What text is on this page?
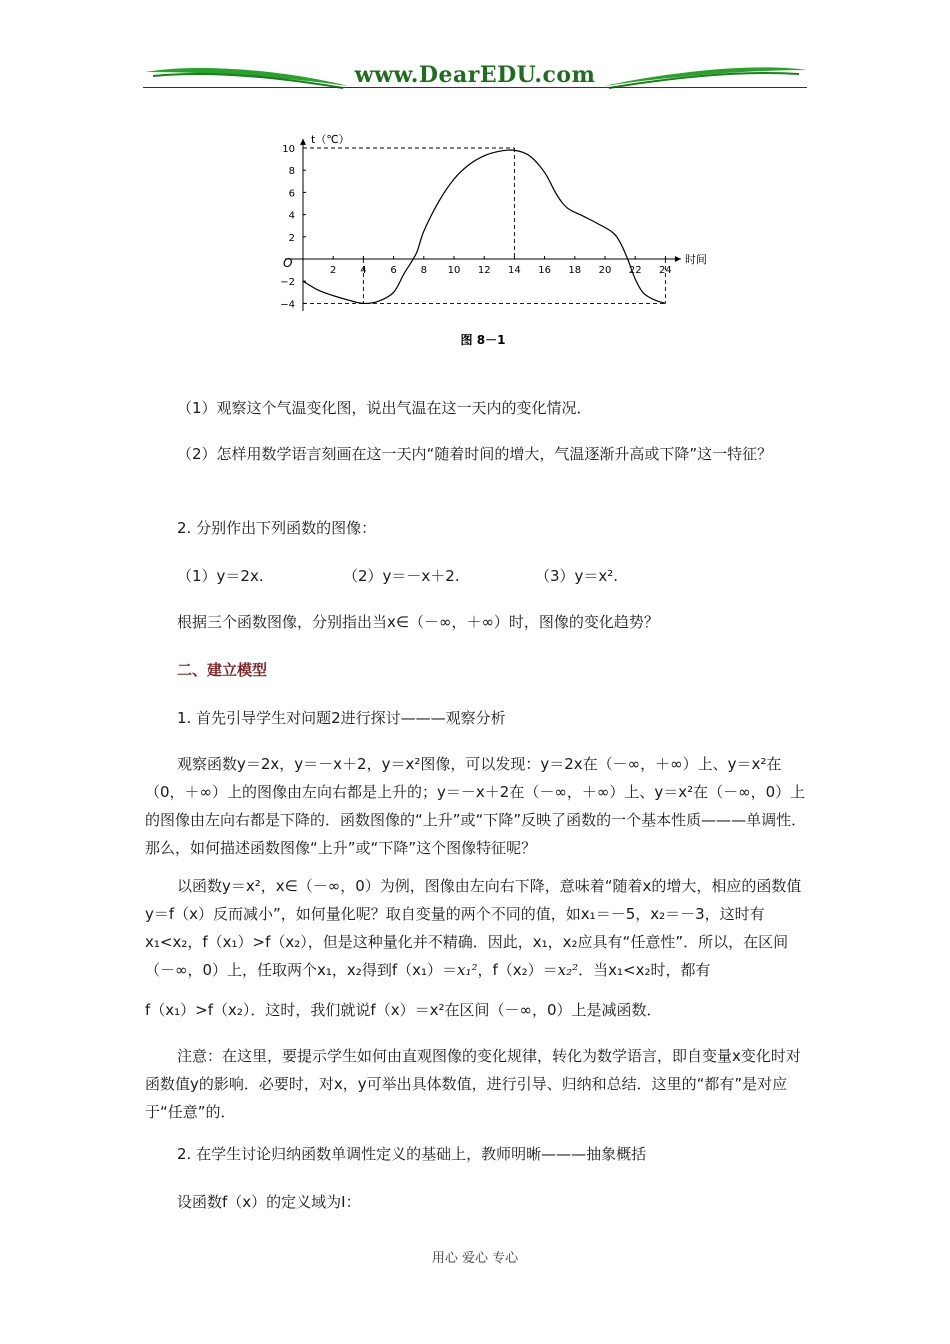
www.DearEDU.com
2 4 6 8 10 12 14 16 18 20 22 24
10
8
6
4
2
−2
−4
t（℃）
时间
O
图 8－1

（1）观察这个气温变化图，说出气温在这一天内的变化情况．

（2）怎样用数学语言刻画在这一天内“随着时间的增大，气温逐渐升高或下降”这一特征？

2. 分别作出下列函数的图像：

（1）y＝2x.	（2）y＝－x＋2.	（3）y＝x².

根据三个函数图像，分别指出当x∈（－∞，＋∞）时，图像的变化趋势？

二、建立模型

1. 首先引导学生对问题2进行探讨———观察分析

观察函数y＝2x，y＝－x＋2，y＝x²图像，可以发现：y＝2x在（－∞，＋∞）上、y＝x²在（0，＋∞）上的图像由左向右都是上升的；y＝－x＋2在（－∞，＋∞）上、y＝x²在（－∞，0）上的图像由左向右都是下降的．函数图像的“上升”或“下降”反映了函数的一个基本性质———单调性．那么，如何描述函数图像“上升”或“下降”这个图像特征呢？

以函数y＝x²，x∈（－∞，0）为例，图像由左向右下降，意味着“随着x的增大，相应的函数值y＝f（x）反而减小”，如何量化呢？取自变量的两个不同的值，如x₁＝－5，x₂＝－3，这时有x₁<x₂，f（x₁）>f（x₂），但是这种量化并不精确．因此，x₁，x₂应具有“任意性”．所以，在区间（－∞，0）上，任取两个x₁，x₂得到f（x₁）＝x₁²，f（x₂）＝x₂²．当x₁<x₂时，都有

f（x₁）>f（x₂）．这时，我们就说f（x）＝x²在区间（－∞，0）上是减函数．

注意：在这里，要提示学生如何由直观图像的变化规律，转化为数学语言，即自变量x变化时对函数值y的影响．必要时，对x，y可举出具体数值，进行引导、归纳和总结．这里的“都有”是对应于“任意”的．

2. 在学生讨论归纳函数单调性定义的基础上，教师明晰———抽象概括

设函数f（x）的定义域为I：

用心 爱心 专心
